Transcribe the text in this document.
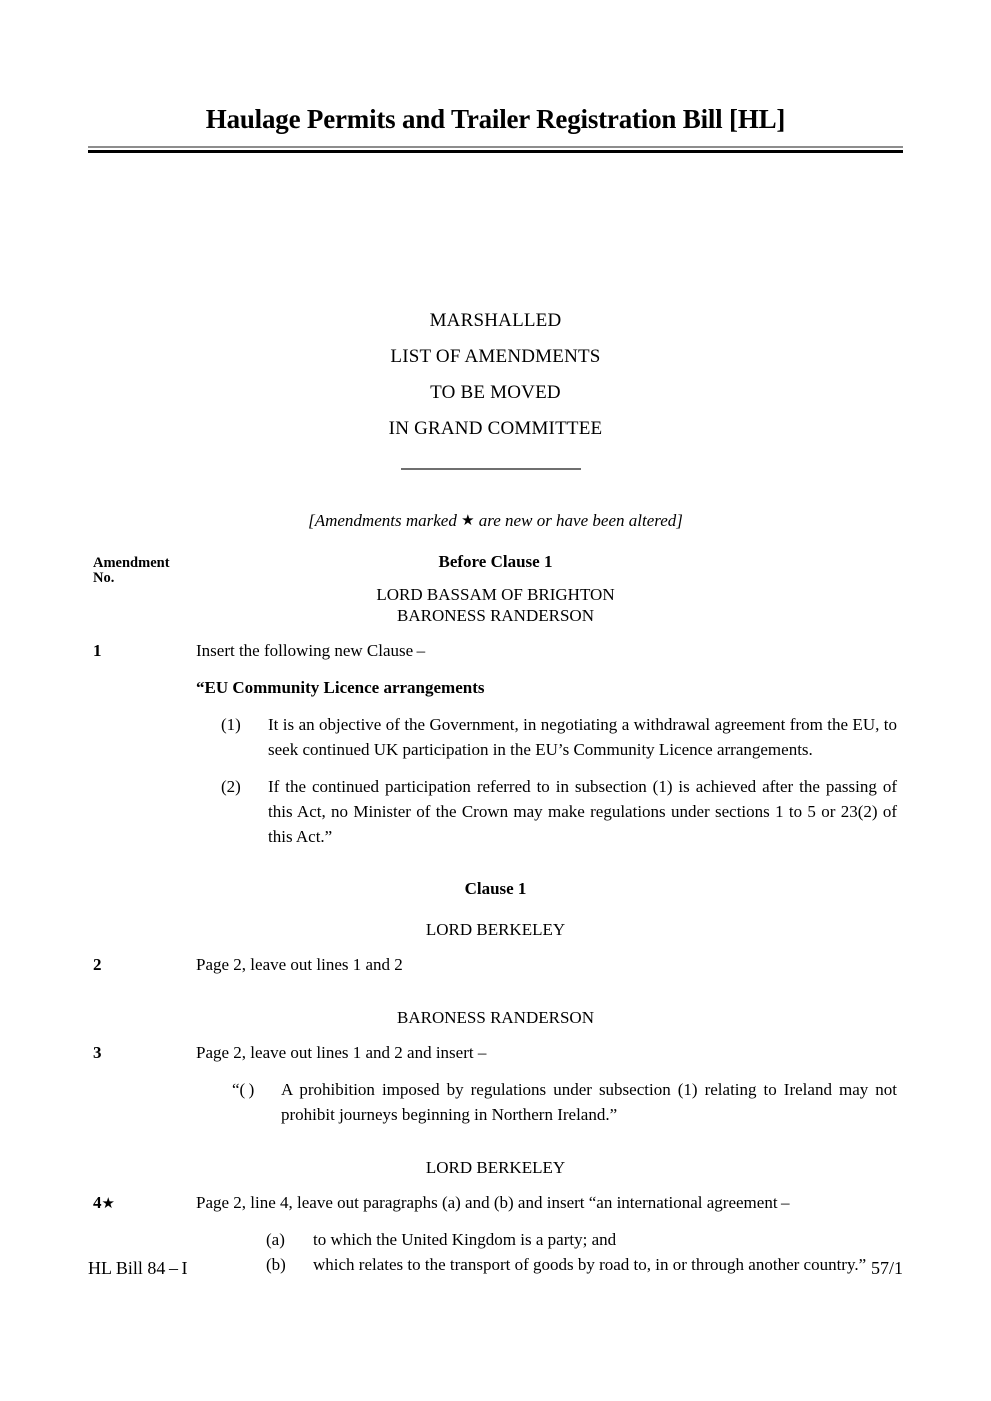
Haulage Permits and Trailer Registration Bill [HL]
MARSHALLED
LIST OF AMENDMENTS
TO BE MOVED
IN GRAND COMMITTEE
[Amendments marked ★ are new or have been altered]
Amendment
No.
Before Clause 1
LORD BASSAM OF BRIGHTON
BARONESS RANDERSON
1	Insert the following new Clause –
“EU Community Licence arrangements
(1)	It is an objective of the Government, in negotiating a withdrawal agreement from the EU, to seek continued UK participation in the EU’s Community Licence arrangements.
(2)	If the continued participation referred to in subsection (1) is achieved after the passing of this Act, no Minister of the Crown may make regulations under sections 1 to 5 or 23(2) of this Act.”
Clause 1
LORD BERKELEY
2	Page 2, leave out lines 1 and 2
BARONESS RANDERSON
3	Page 2, leave out lines 1 and 2 and insert –
“( )	A prohibition imposed by regulations under subsection (1) relating to Ireland may not prohibit journeys beginning in Northern Ireland.”
LORD BERKELEY
4★	Page 2, line 4, leave out paragraphs (a) and (b) and insert “an international agreement –
(a)	to which the United Kingdom is a party; and
(b)	which relates to the transport of goods by road to, in or through another country.”
HL Bill 84 – I	57/1
